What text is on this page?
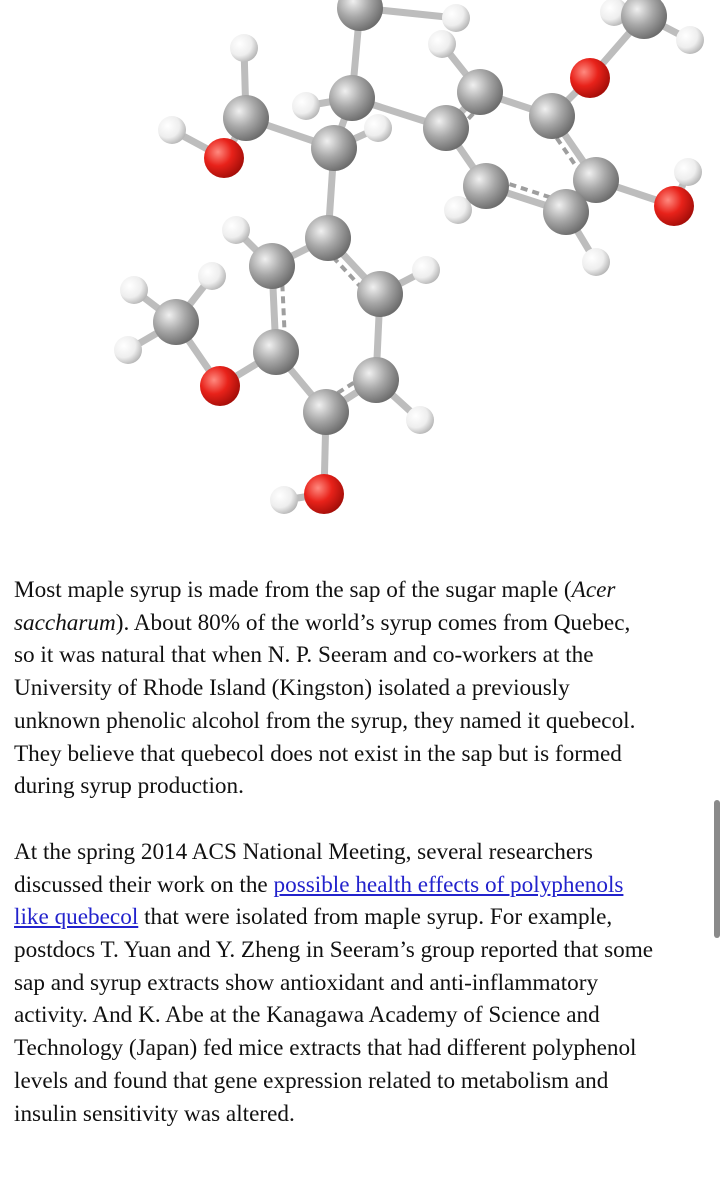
Most maple syrup is made from the sap of the sugar maple (Acer saccharum). About 80% of the world’s syrup comes from Quebec, so it was natural that when N. P. Seeram and co-workers at the University of Rhode Island (Kingston) isolated a previously unknown phenolic alcohol from the syrup, they named it quebecol. They believe that quebecol does not exist in the sap but is formed during syrup production.

At the spring 2014 ACS National Meeting, several researchers discussed their work on the possible health effects of polyphenols like quebecol that were isolated from maple syrup. For example, postdocs T. Yuan and Y. Zheng in Seeram’s group reported that some sap and syrup extracts show antioxidant and anti-inflammatory activity. And K. Abe at the Kanagawa Academy of Science and Technology (Japan) fed mice extracts that had different polyphenol levels and found that gene expression related to metabolism and insulin sensitivity was altered.
